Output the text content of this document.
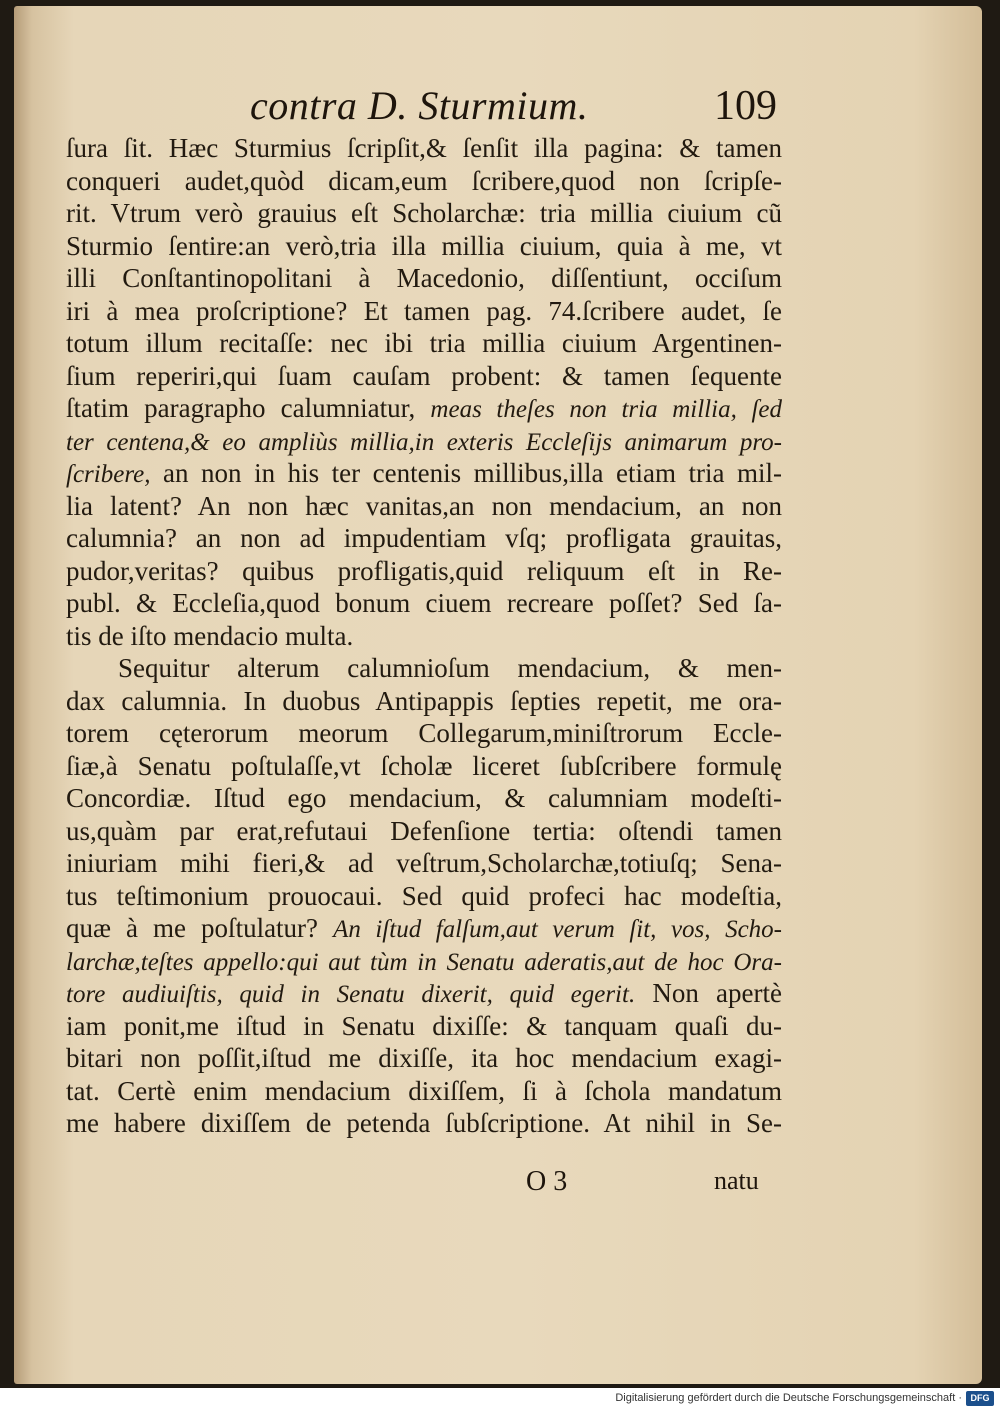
contra D. Sturmium.	109
ſura ſit. Hæc Sturmius ſcripſit,& ſenſit illa pagina: & tamen
conqueri audet,quòd dicam,eum ſcribere,quod non ſcripſe-
rit. Vtrum verò grauius eſt Scholarchæ: tria millia ciuium cũ
Sturmio ſentire:an verò,tria illa millia ciuium, quia à me, vt
illi Conſtantinopolitani à Macedonio, diſſentiunt, occiſum
iri à mea proſcriptione? Et tamen pag. 74.ſcribere audet, ſe
totum illum recitaſſe: nec ibi tria millia ciuium Argentinen-
ſium reperiri,qui ſuam cauſam probent: & tamen ſequente
ſtatim paragrapho calumniatur, meas theſes non tria millia, ſed
ter centena,& eo ampliùs millia,in exteris Eccleſijs animarum pro-
ſcribere, an non in his ter centenis millibus,illa etiam tria mil-
lia latent? An non hæc vanitas,an non mendacium, an non
calumnia? an non ad impudentiam vſq; profligata grauitas,
pudor,veritas? quibus profligatis,quid reliquum eſt in Re-
publ. & Eccleſia,quod bonum ciuem recreare poſſet? Sed ſa-
tis de iſto mendacio multa.
Sequitur alterum calumnioſum mendacium, & men-
dax calumnia. In duobus Antipappis ſepties repetit, me ora-
torem cęterorum meorum Collegarum,miniſtrorum Eccle-
ſiæ,à Senatu poſtulaſſe,vt ſcholæ liceret ſubſcribere formulę
Concordiæ. Iſtud ego mendacium, & calumniam modeſti-
us,quàm par erat,refutaui Defenſione tertia: oſtendi tamen
iniuriam mihi fieri,& ad veſtrum,Scholarchæ,totiuſq; Sena-
tus teſtimonium prouocaui. Sed quid profeci hac modeſtia,
quæ à me poſtulatur? An iſtud falſum,aut verum ſit, vos, Scho-
larchæ,teſtes appello:qui aut tùm in Senatu aderatis,aut de hoc Ora-
tore audiuiſtis, quid in Senatu dixerit, quid egerit. Non apertè
iam ponit,me iſtud in Senatu dixiſſe: & tanquam quaſi du-
bitari non poſſit,iſtud me dixiſſe, ita hoc mendacium exagi-
tat. Certè enim mendacium dixiſſem, ſi à ſchola mandatum
me habere dixiſſem de petenda ſubſcriptione. At nihil in Se-
O 3	natu
Digitalisierung gefördert durch die Deutsche Forschungsgemeinschaft · DFG
